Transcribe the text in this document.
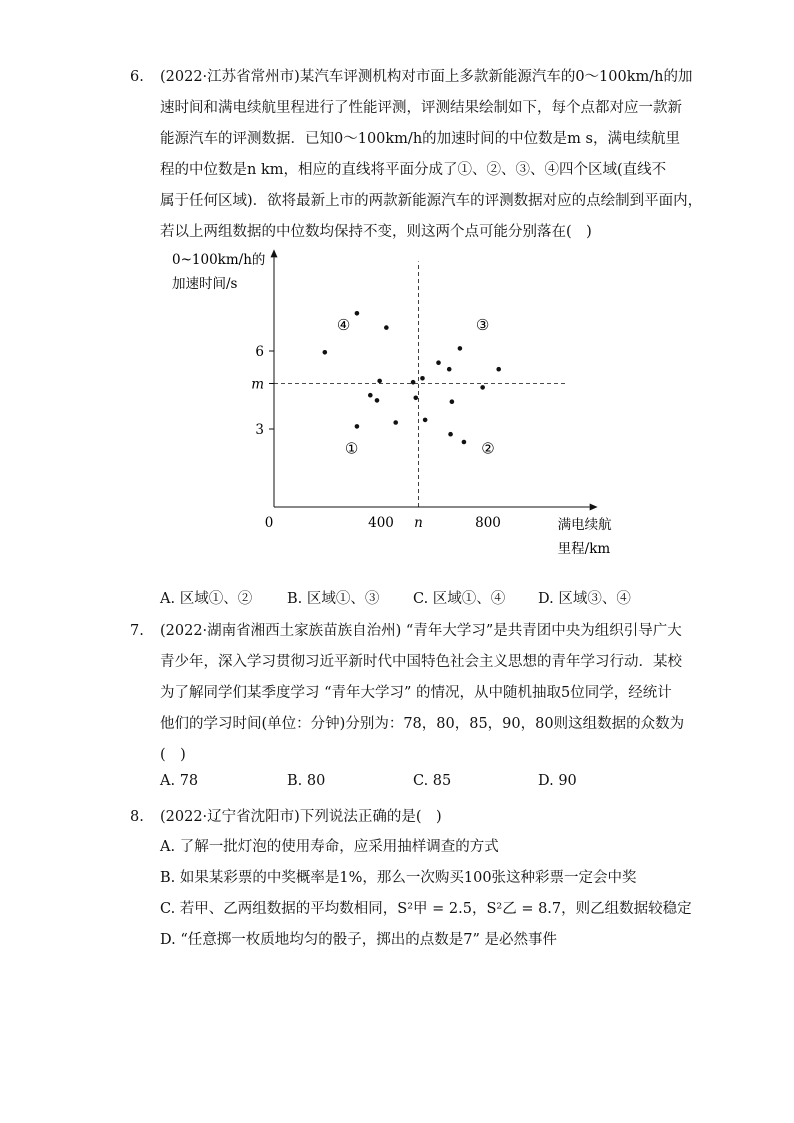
6. (2022·江苏省常州市)某汽车评测机构对市面上多款新能源汽车的0～100km/h的加
速时间和满电续航里程进行了性能评测，评测结果绘制如下，每个点都对应一款新
能源汽车的评测数据．已知0～100km/h的加速时间的中位数是m s，满电续航里
程的中位数是n km，相应的直线将平面分成了①、②、③、④四个区域(直线不
属于任何区域)．欲将最新上市的两款新能源汽车的评测数据对应的点绘制到平面内，
若以上两组数据的中位数均保持不变，则这两个点可能分别落在(　)
0~100km/h的
加速时间/s
满电续航
里程/km
0	400	800
6
3
m
n
①	②
③
④
A. 区域①、② B. 区域①、③ C. 区域①、④ D. 区域③、④
7. (2022·湖南省湘西土家族苗族自治州) “青年大学习”是共青团中央为组织引导广大
青少年，深入学习贯彻习近平新时代中国特色社会主义思想的青年学习行动．某校
为了解同学们某季度学习 “青年大学习” 的情况，从中随机抽取5位同学，经统计
他们的学习时间(单位：分钟)分别为：78，80，85，90，80则这组数据的众数为
(　)
A. 78	B. 80	C. 85	D. 90
8. (2022·辽宁省沈阳市)下列说法正确的是(　)
A. 了解一批灯泡的使用寿命，应采用抽样调查的方式
B. 如果某彩票的中奖概率是1%，那么一次购买100张这种彩票一定会中奖
C. 若甲、乙两组数据的平均数相同，S²甲 = 2.5，S²乙 = 8.7，则乙组数据较稳定
D. “任意掷一枚质地均匀的骰子，掷出的点数是7” 是必然事件
